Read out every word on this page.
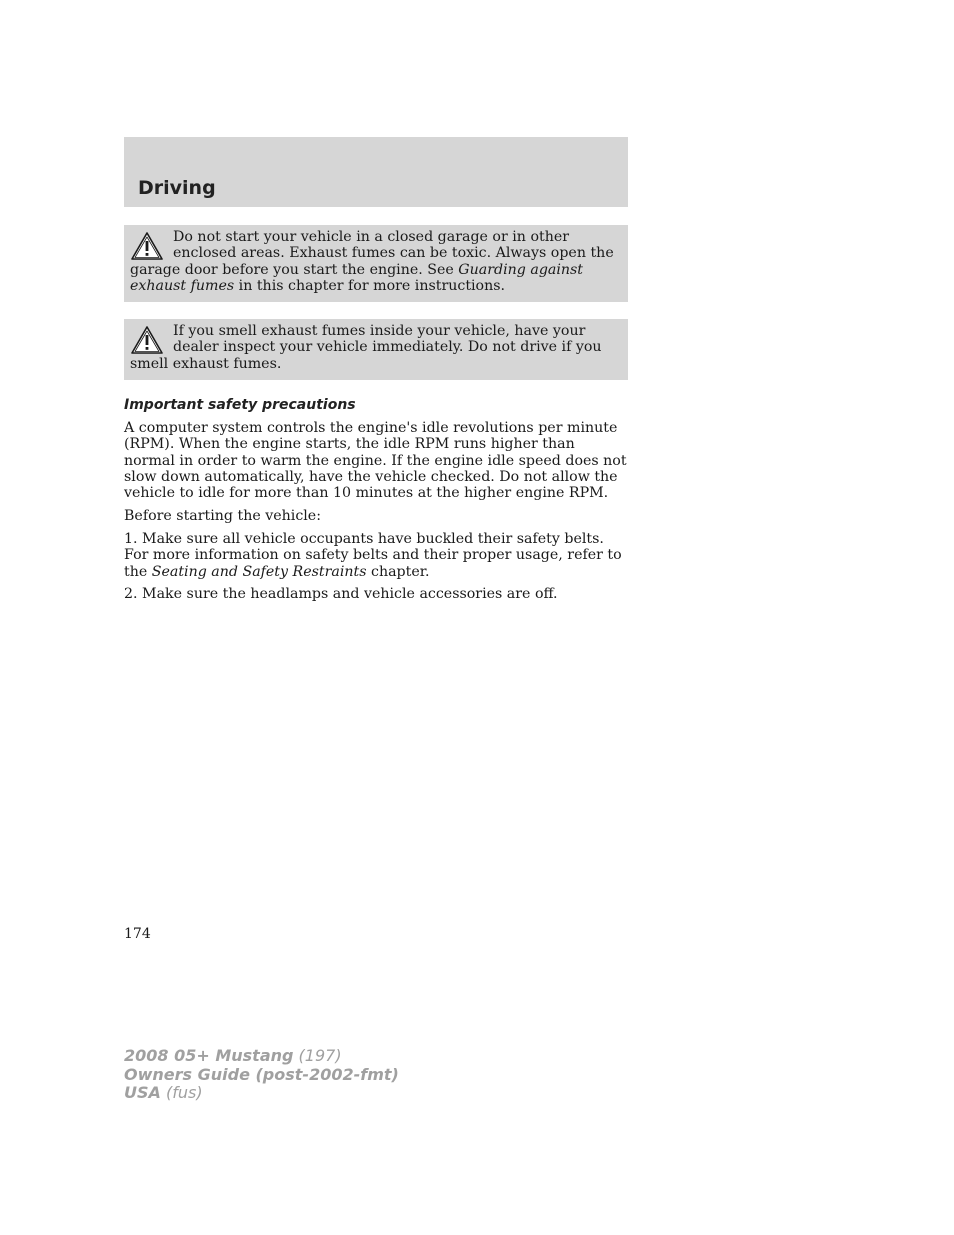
Driving
Do not start your vehicle in a closed garage or in other enclosed areas. Exhaust fumes can be toxic. Always open the garage door before you start the engine. See Guarding against exhaust fumes in this chapter for more instructions.
If you smell exhaust fumes inside your vehicle, have your dealer inspect your vehicle immediately. Do not drive if you smell exhaust fumes.
Important safety precautions
A computer system controls the engine's idle revolutions per minute (RPM). When the engine starts, the idle RPM runs higher than normal in order to warm the engine. If the engine idle speed does not slow down automatically, have the vehicle checked. Do not allow the vehicle to idle for more than 10 minutes at the higher engine RPM.
Before starting the vehicle:
1. Make sure all vehicle occupants have buckled their safety belts. For more information on safety belts and their proper usage, refer to the Seating and Safety Restraints chapter.
2. Make sure the headlamps and vehicle accessories are off.
174
2008 05+ Mustang (197)
Owners Guide (post-2002-fmt)
USA (fus)
